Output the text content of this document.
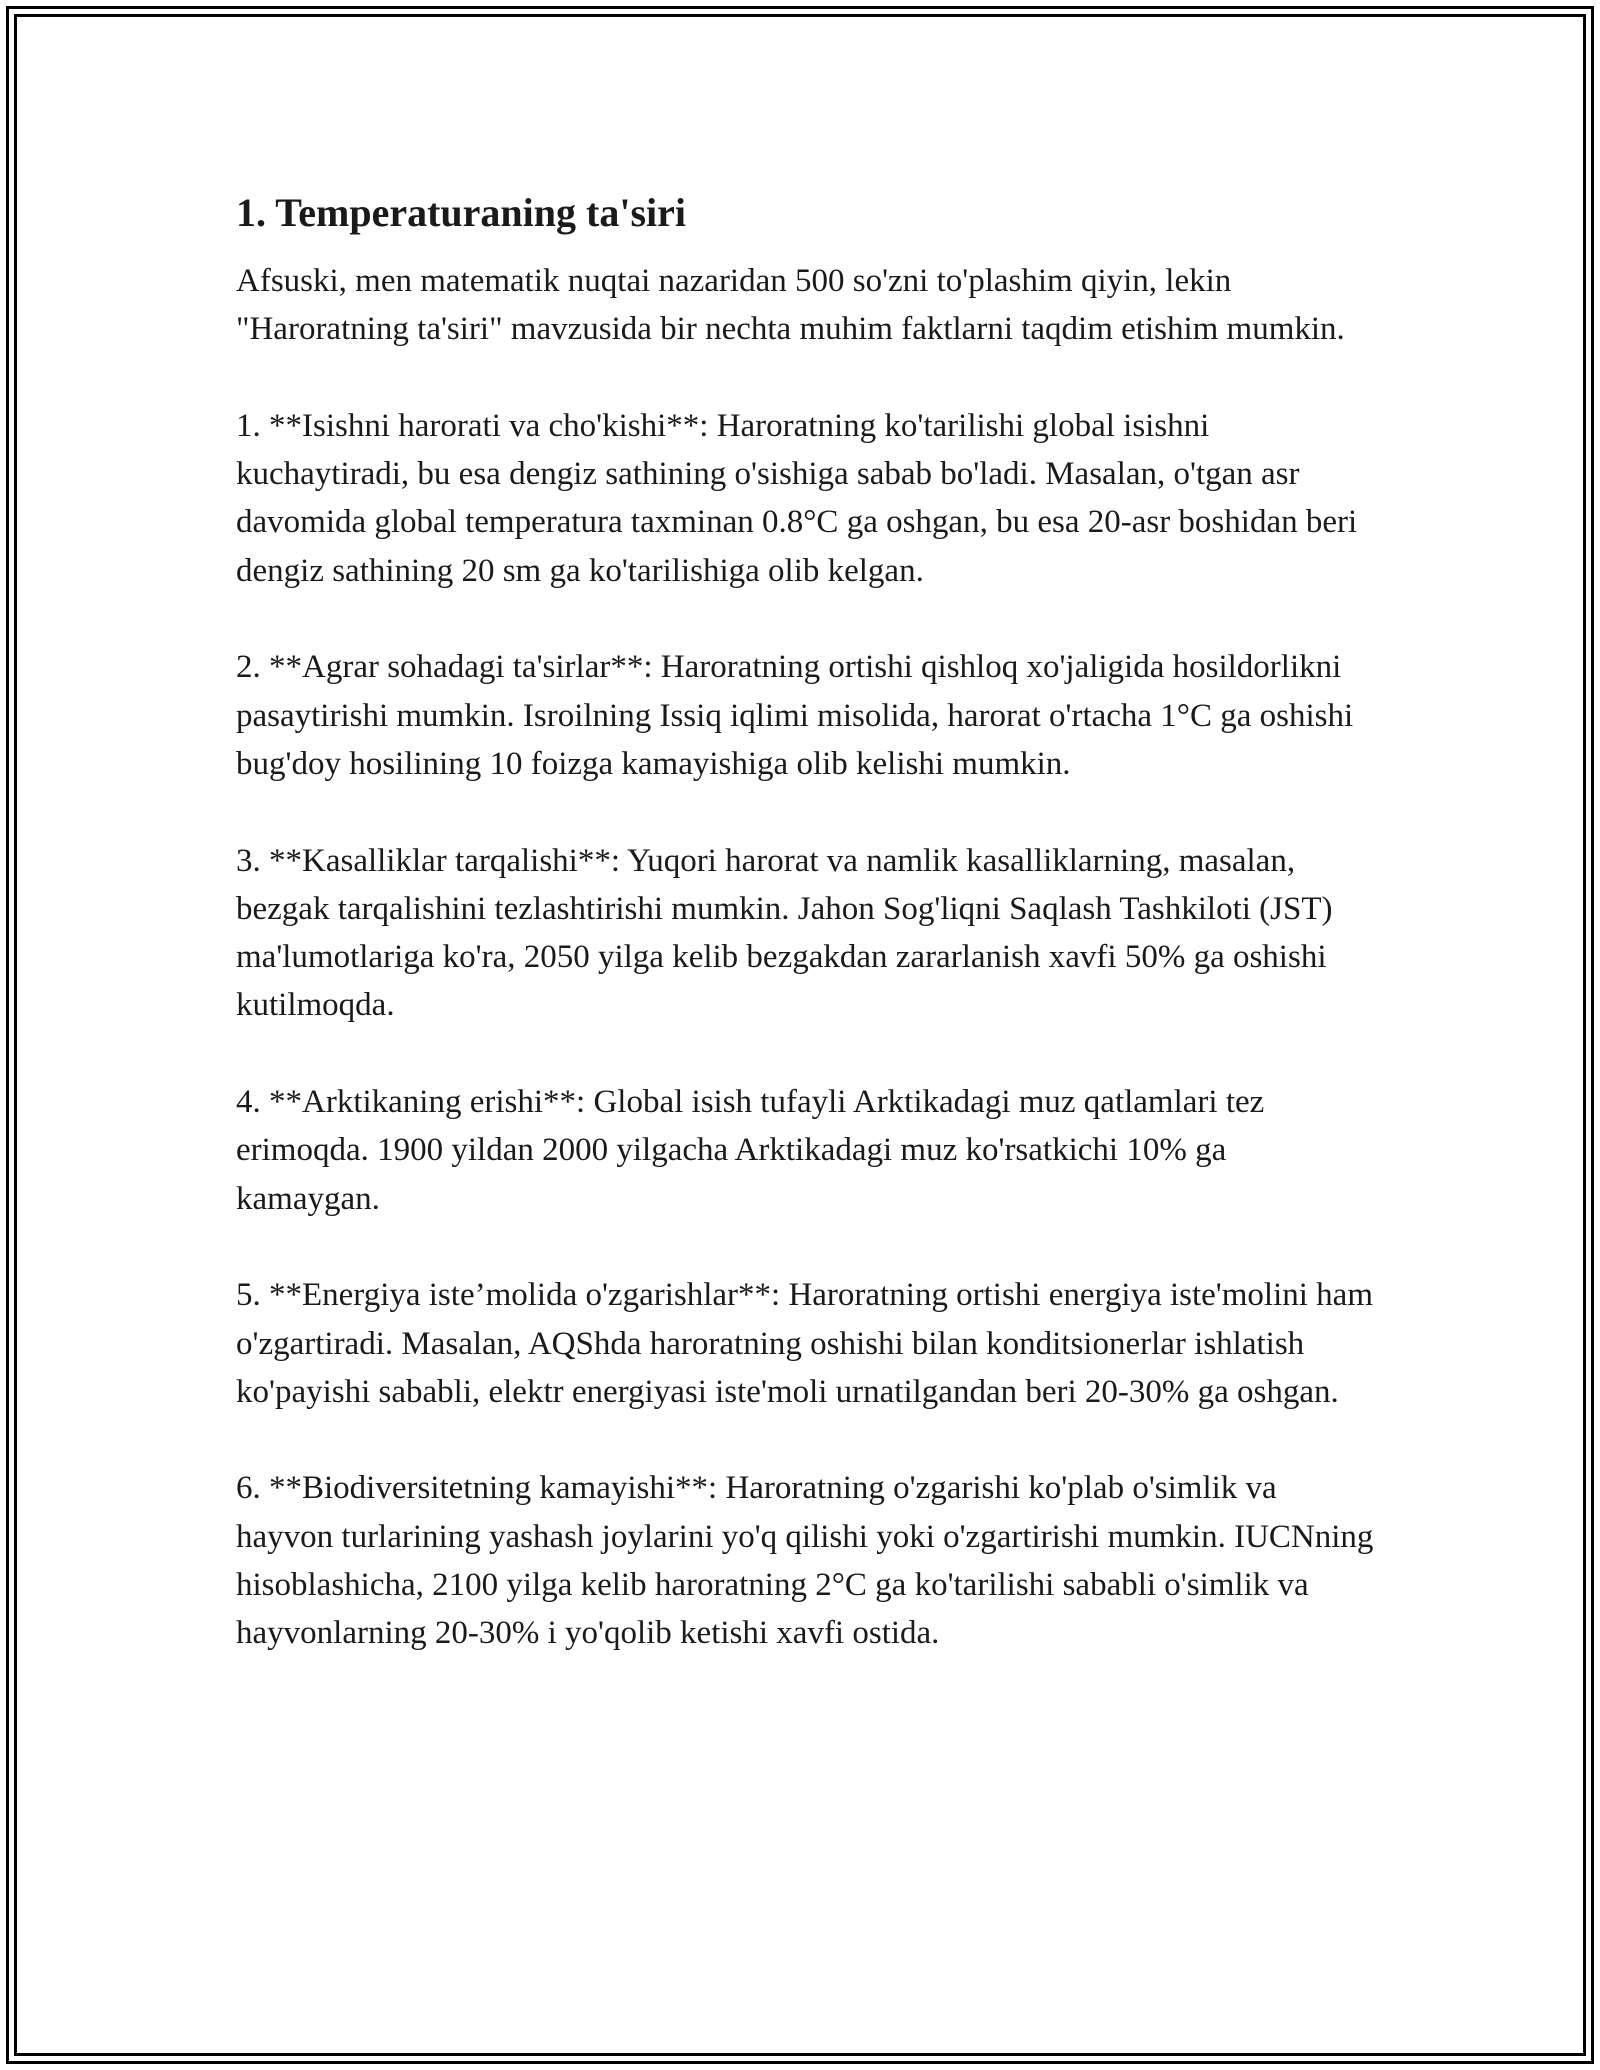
1. Temperaturaning ta'siri

Afsuski, men matematik nuqtai nazaridan 500 so'zni to'plashim qiyin, lekin "Haroratning ta'siri" mavzusida bir nechta muhim faktlarni taqdim etishim mumkin.

1. **Isishni harorati va cho'kishi**: Haroratning ko'tarilishi global isishni kuchaytiradi, bu esa dengiz sathining o'sishiga sabab bo'ladi. Masalan, o'tgan asr davomida global temperatura taxminan 0.8°C ga oshgan, bu esa 20-asr boshidan beri dengiz sathining 20 sm ga ko'tarilishiga olib kelgan.

2. **Agrar sohadagi ta'sirlar**: Haroratning ortishi qishloq xo'jaligida hosildorlikni pasaytirishi mumkin. Isroilning Issiq iqlimi misolida, harorat o'rtacha 1°C ga oshishi bug'doy hosilining 10 foizga kamayishiga olib kelishi mumkin.

3. **Kasalliklar tarqalishi**: Yuqori harorat va namlik kasalliklarning, masalan, bezgak tarqalishini tezlashtirishi mumkin. Jahon Sog'liqni Saqlash Tashkiloti (JST) ma'lumotlariga ko'ra, 2050 yilga kelib bezgakdan zararlanish xavfi 50% ga oshishi kutilmoqda.

4. **Arktikaning erishi**: Global isish tufayli Arktikadagi muz qatlamlari tez erimoqda. 1900 yildan 2000 yilgacha Arktikadagi muz ko'rsatkichi 10% ga kamaygan.

5. **Energiya iste’molida o'zgarishlar**: Haroratning ortishi energiya iste'molini ham o'zgartiradi. Masalan, AQShda haroratning oshishi bilan konditsionerlar ishlatish ko'payishi sababli, elektr energiyasi iste'moli urnatilgandan beri 20-30% ga oshgan.

6. **Biodiversitetning kamayishi**: Haroratning o'zgarishi ko'plab o'simlik va hayvon turlarining yashash joylarini yo'q qilishi yoki o'zgartirishi mumkin. IUCNning hisoblashicha, 2100 yilga kelib haroratning 2°C ga ko'tarilishi sababli o'simlik va hayvonlarning 20-30% i yo'qolib ketishi xavfi ostida.
